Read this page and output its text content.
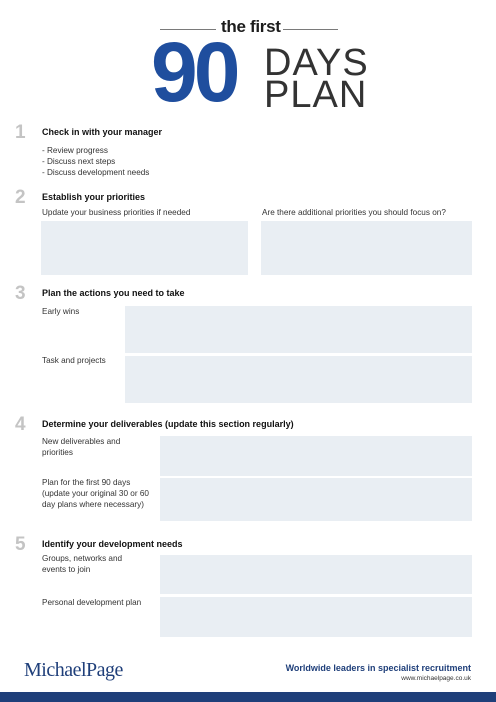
the first
90 DAYS
PLAN
1 Check in with your manager
- Review progress
- Discuss next steps
- Discuss development needs
2 Establish your priorities
Update your business priorities if needed	Are there additional priorities you should focus on?
3 Plan the actions you need to take
Early wins
Task and projects
4 Determine your deliverables (update this section regularly)
New deliverables and priorities
Plan for the first 90 days (update your original 30 or 60 day plans where necessary)
5 Identify your development needs
Groups, networks and events to join
Personal development plan
MichaelPage	Worldwide leaders in specialist recruitment
www.michaelpage.co.uk
